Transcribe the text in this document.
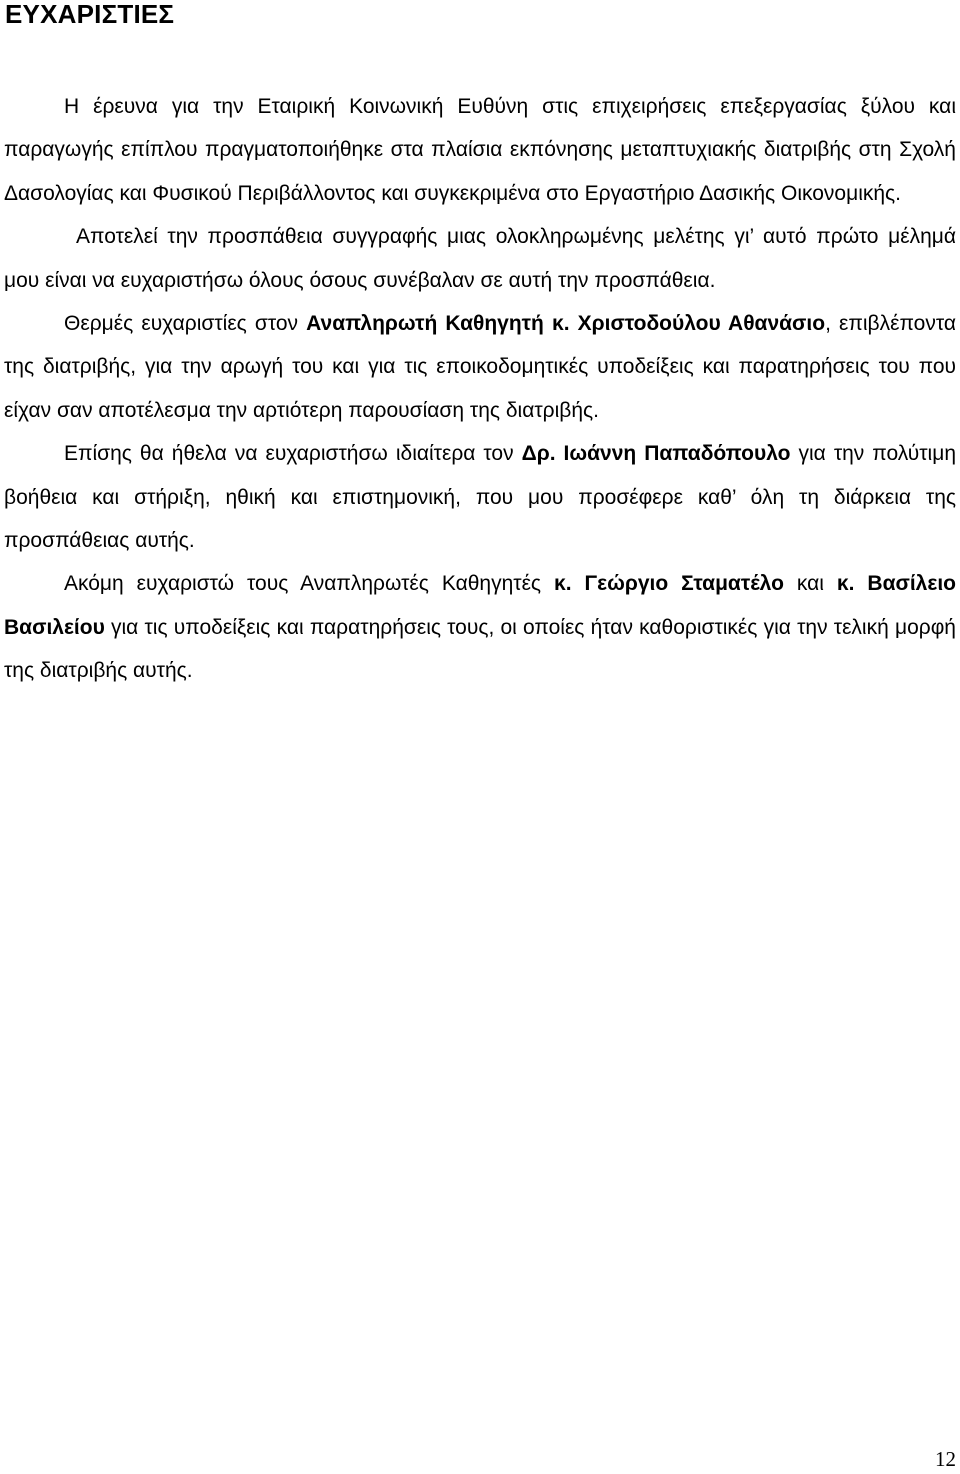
ΕΥΧΑΡΙΣΤΙΕΣ

Η έρευνα για την Εταιρική Κοινωνική Ευθύνη στις επιχειρήσεις επεξεργασίας ξύλου και παραγωγής επίπλου πραγματοποιήθηκε στα πλαίσια εκπόνησης μεταπτυχιακής διατριβής στη Σχολή Δασολογίας και Φυσικού Περιβάλλοντος και συγκεκριμένα στο Εργαστήριο Δασικής Οικονομικής.

Αποτελεί την προσπάθεια συγγραφής μιας ολοκληρωμένης μελέτης γι’ αυτό πρώτο μέλημά μου είναι να ευχαριστήσω όλους όσους συνέβαλαν σε αυτή την προσπάθεια.

Θερμές ευχαριστίες στον Αναπληρωτή Καθηγητή κ. Χριστοδούλου Αθανάσιο, επιβλέποντα της διατριβής, για την αρωγή του και για τις εποικοδομητικές υποδείξεις και παρατηρήσεις του που είχαν σαν αποτέλεσμα την αρτιότερη παρουσίαση της διατριβής.

Επίσης θα ήθελα να ευχαριστήσω ιδιαίτερα τον Δρ. Ιωάννη Παπαδόπουλο για την πολύτιμη βοήθεια και στήριξη, ηθική και επιστημονική, που μου προσέφερε καθ’ όλη τη διάρκεια της προσπάθειας αυτής.

Ακόμη ευχαριστώ τους Αναπληρωτές Καθηγητές κ. Γεώργιο Σταματέλο και κ. Βασίλειο Βασιλείου για τις υποδείξεις και παρατηρήσεις τους, οι οποίες ήταν καθοριστικές για την τελική μορφή της διατριβής αυτής.

12
